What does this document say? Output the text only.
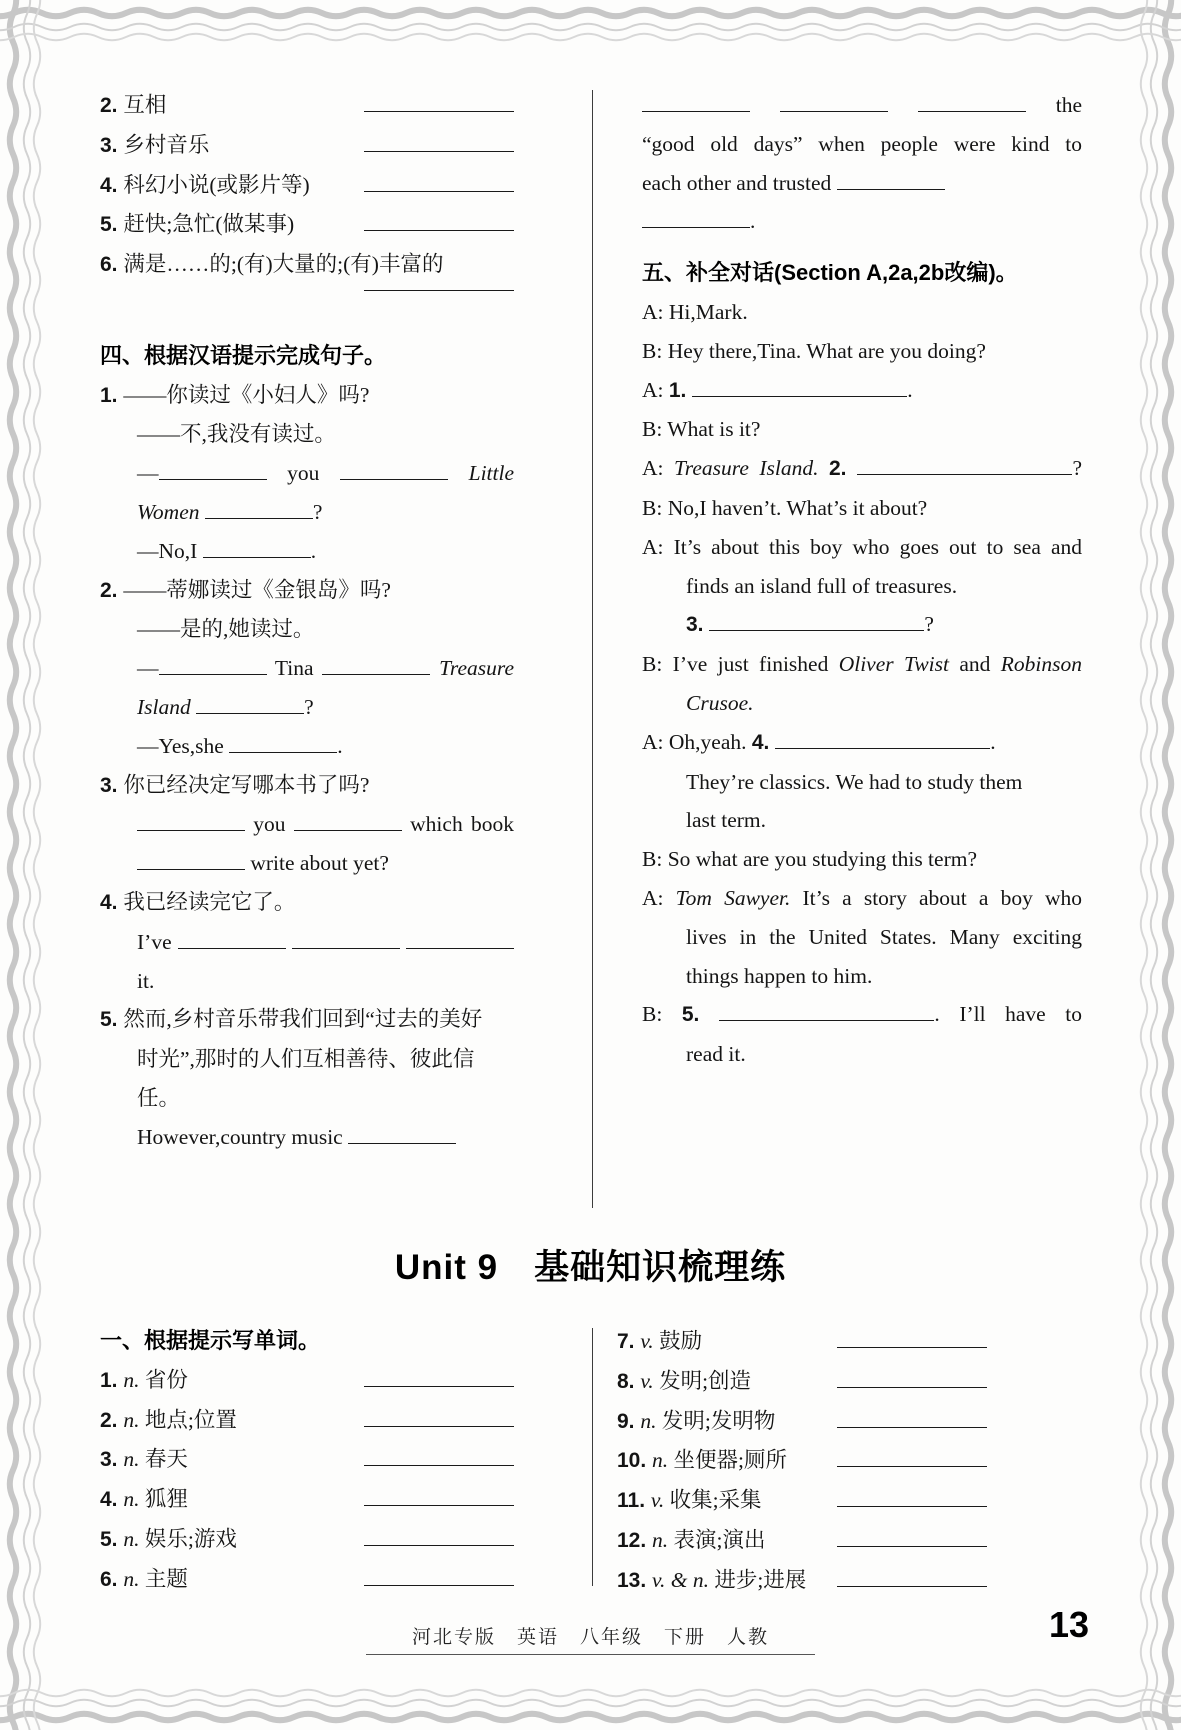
2. 互相
3. 乡村音乐
4. 科幻小说(或影片等)
5. 赶快;急忙(做某事)
6. 满是……的;(有)大量的;(有)丰富的
四、根据汉语提示完成句子。
1. ——你读过《小妇人》吗?
——不,我没有读过。
—	you	Little
Women	?
—No,I	.
2. ——蒂娜读过《金银岛》吗?
——是的,她读过。
—	Tina	Treasure
Island	?
—Yes,she	.
3. 你已经决定写哪本书了吗?
you	which book
write about yet?
4. 我已经读完它了。
I’ve
it.
5. 然而,乡村音乐带我们回到“过去的美好
时光”,那时的人们互相善待、彼此信任。
However,country music
the
“good old days” when people were kind to
each other and trusted
.
五、补全对话(Section A,2a,2b改编)。
A: Hi,Mark.
B: Hey there,Tina. What are you doing?
A: 1.	.
B: What is it?
A: Treasure Island. 2.	?
B: No,I haven’t. What’s it about?
A: It’s about this boy who goes out to sea and
finds an island full of treasures.
3.	?
B: I’ve just finished Oliver Twist and Robinson
Crusoe.
A: Oh,yeah. 4.	.
They’re classics. We had to study them
last term.
B: So what are you studying this term?
A: Tom Sawyer. It’s a story about a boy who
lives in the United States. Many exciting
things happen to him.
B: 5.	. I’ll have to
read it.
Unit 9　基础知识梳理练
一、根据提示写单词。
1. n. 省份
2. n. 地点;位置
3. n. 春天
4. n. 狐狸
5. n. 娱乐;游戏
6. n. 主题
7. v. 鼓励
8. v. 发明;创造
9. n. 发明;发明物
10. n. 坐便器;厕所
11. v. 收集;采集
12. n. 表演;演出
13. v. & n. 进步;进展
河北专版　英语　八年级　下册　人教	13
